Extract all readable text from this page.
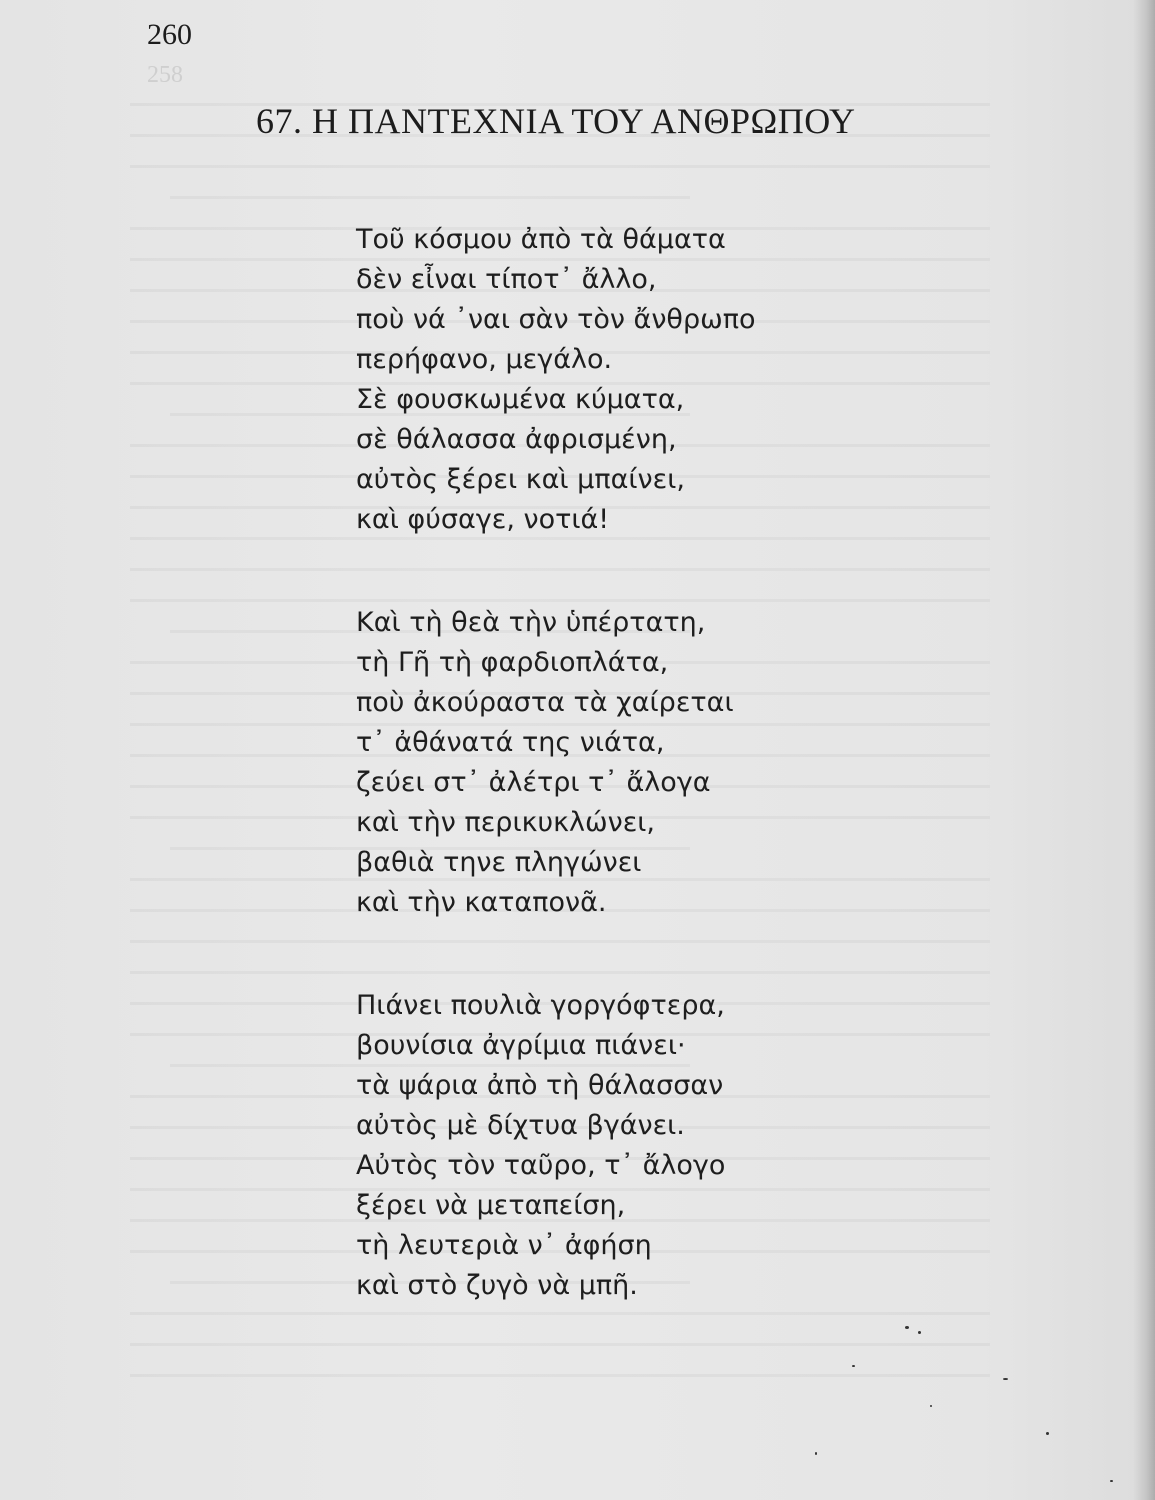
258
260
67. Η ΠΑΝΤΕΧΝΙΑ ΤΟΥ ΑΝΘΡΩΠΟΥ
Τοῦ κόσμου ἀπὸ τὰ θάματα
δὲν εἶναι τίποτ᾽ ἄλλο,
ποὺ νά ᾽ναι σὰν τὸν ἄνθρωπο
περήφανο, μεγάλο.
Σὲ φουσκωμένα κύματα,
σὲ θάλασσα ἀφρισμένη,
αὐτὸς ξέρει καὶ μπαίνει,
καὶ φύσαγε, νοτιά!
Καὶ τὴ θεὰ τὴν ὑπέρτατη,
τὴ Γῆ τὴ φαρδιοπλάτα,
ποὺ ἀκούραστα τὰ χαίρεται
τ᾽ ἀθάνατά της νιάτα,
ζεύει στ᾽ ἀλέτρι τ᾽ ἄλογα
καὶ τὴν περικυκλώνει,
βαθιὰ τηνε πληγώνει
καὶ τὴν καταπονᾶ.
Πιάνει πουλιὰ γοργόφτερα,
βουνίσια ἀγρίμια πιάνει·
τὰ ψάρια ἀπὸ τὴ θάλασσαν
αὐτὸς μὲ δίχτυα βγάνει.
Αὐτὸς τὸν ταῦρο, τ᾽ ἄλογο
ξέρει νὰ μεταπείση,
τὴ λευτεριὰ ν᾽ ἀφήση
καὶ στὸ ζυγὸ νὰ μπῆ.
